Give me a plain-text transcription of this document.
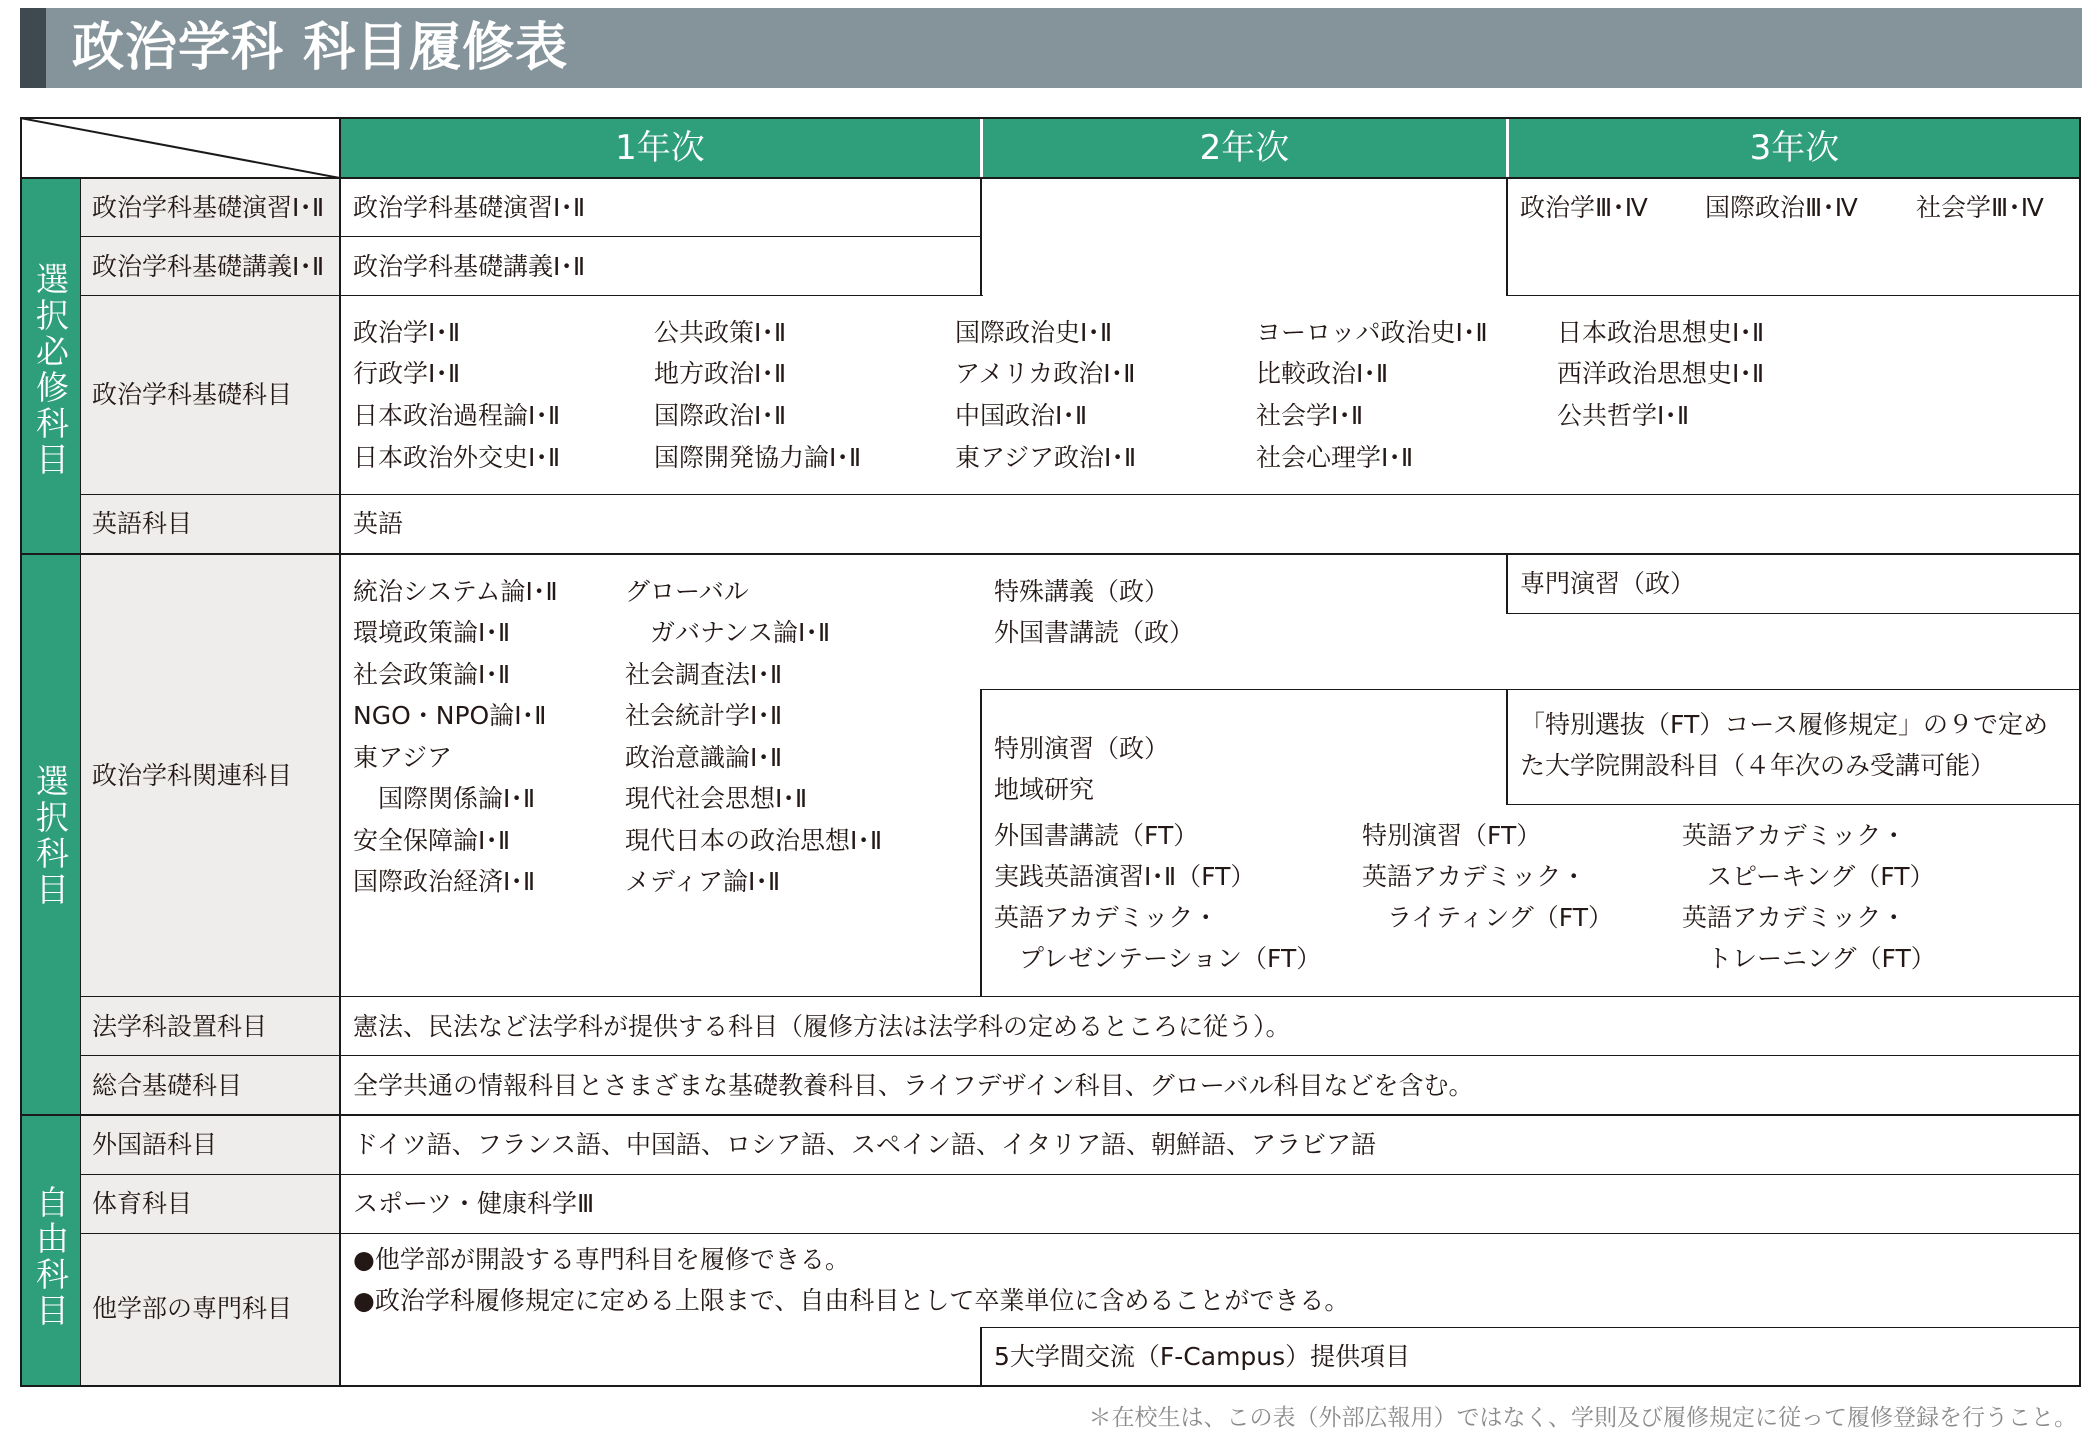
政治学科 科目履修表
1年次	2年次	3年次
選択必修科目
選択科目
自由科目
政治学科基礎演習Ⅰ･Ⅱ
政治学科基礎講義Ⅰ･Ⅱ
政治学科基礎科目
英語科目
政治学科関連科目
法学科設置科目
総合基礎科目
外国語科目
体育科目
他学部の専門科目
政治学科基礎演習Ⅰ･Ⅱ
政治学科基礎講義Ⅰ･Ⅱ
政治学Ⅲ･Ⅳ 国際政治Ⅲ･Ⅳ 社会学Ⅲ･Ⅳ
政治学Ⅰ･Ⅱ
行政学Ⅰ･Ⅱ
日本政治過程論Ⅰ･Ⅱ
日本政治外交史Ⅰ･Ⅱ
公共政策Ⅰ･Ⅱ
地方政治Ⅰ･Ⅱ
国際政治Ⅰ･Ⅱ
国際開発協力論Ⅰ･Ⅱ
国際政治史Ⅰ･Ⅱ
アメリカ政治Ⅰ･Ⅱ
中国政治Ⅰ･Ⅱ
東アジア政治Ⅰ･Ⅱ
ヨーロッパ政治史Ⅰ･Ⅱ
比較政治Ⅰ･Ⅱ
社会学Ⅰ･Ⅱ
社会心理学Ⅰ･Ⅱ
日本政治思想史Ⅰ･Ⅱ
西洋政治思想史Ⅰ･Ⅱ
公共哲学Ⅰ･Ⅱ
英語
統治システム論Ⅰ･Ⅱ
環境政策論Ⅰ･Ⅱ
社会政策論Ⅰ･Ⅱ
NGO・NPO論Ⅰ･Ⅱ
東アジア
　国際関係論Ⅰ･Ⅱ
安全保障論Ⅰ･Ⅱ
国際政治経済Ⅰ･Ⅱ
グローバル
　ガバナンス論Ⅰ･Ⅱ
社会調査法Ⅰ･Ⅱ
社会統計学Ⅰ･Ⅱ
政治意識論Ⅰ･Ⅱ
現代社会思想Ⅰ･Ⅱ
現代日本の政治思想Ⅰ･Ⅱ
メディア論Ⅰ･Ⅱ
特殊講義（政）
外国書講読（政）
専門演習（政）
「特別選抜（FT）コース履修規定」の９で定め
た大学院開設科目（４年次のみ受講可能）
特別演習（政）
地域研究
外国書講読（FT）
実践英語演習Ⅰ･Ⅱ（FT）
英語アカデミック・
　プレゼンテーション（FT）
特別演習（FT）
英語アカデミック・
　ライティング（FT）
英語アカデミック・
　スピーキング（FT）
英語アカデミック・
　トレーニング（FT）
憲法、民法など法学科が提供する科目（履修方法は法学科の定めるところに従う）。
全学共通の情報科目とさまざまな基礎教養科目、ライフデザイン科目、グローバル科目などを含む。
ドイツ語、フランス語、中国語、ロシア語、スペイン語、イタリア語、朝鮮語、アラビア語
スポーツ・健康科学Ⅲ
●他学部が開設する専門科目を履修できる。
●政治学科履修規定に定める上限まで、自由科目として卒業単位に含めることができる。
5大学間交流（F-Campus）提供項目
＊在校生は、この表（外部広報用）ではなく、学則及び履修規定に従って履修登録を行うこと。
